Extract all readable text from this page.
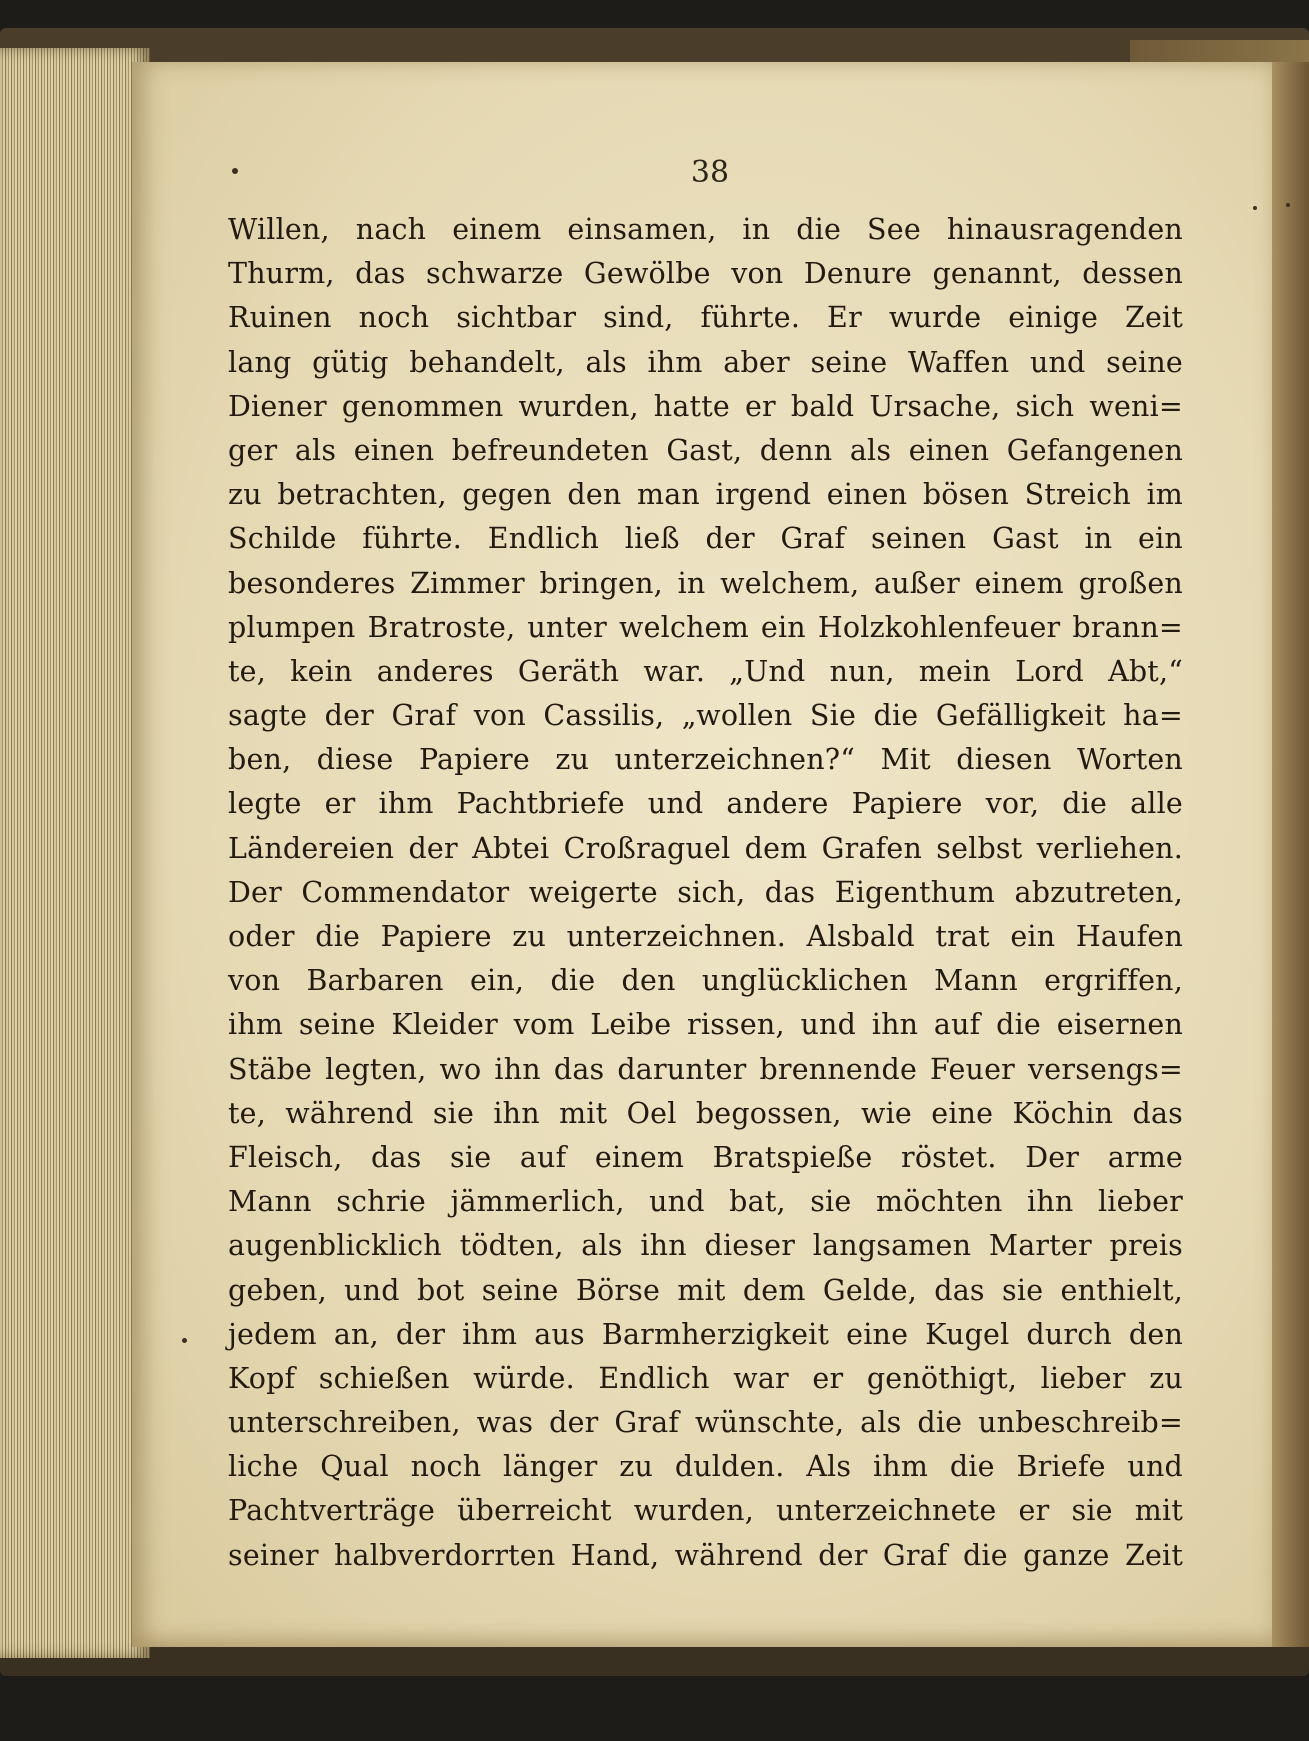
38
Willen, nach einem einsamen, in die See hinausragenden
Thurm, das schwarze Gewölbe von Denure genannt, dessen
Ruinen noch sichtbar sind, führte. Er wurde einige Zeit
lang gütig behandelt, als ihm aber seine Waffen und seine
Diener genommen wurden, hatte er bald Ursache, sich weni=
ger als einen befreundeten Gast, denn als einen Gefangenen
zu betrachten, gegen den man irgend einen bösen Streich im
Schilde führte. Endlich ließ der Graf seinen Gast in ein
besonderes Zimmer bringen, in welchem, außer einem großen
plumpen Bratroste, unter welchem ein Holzkohlenfeuer brann=
te, kein anderes Geräth war. „Und nun, mein Lord Abt,“
sagte der Graf von Cassilis, „wollen Sie die Gefälligkeit ha=
ben, diese Papiere zu unterzeichnen?“ Mit diesen Worten
legte er ihm Pachtbriefe und andere Papiere vor, die alle
Ländereien der Abtei Croßraguel dem Grafen selbst verliehen.
Der Commendator weigerte sich, das Eigenthum abzutreten,
oder die Papiere zu unterzeichnen. Alsbald trat ein Haufen
von Barbaren ein, die den unglücklichen Mann ergriffen,
ihm seine Kleider vom Leibe rissen, und ihn auf die eisernen
Stäbe legten, wo ihn das darunter brennende Feuer versengs=
te, während sie ihn mit Oel begossen, wie eine Köchin das
Fleisch, das sie auf einem Bratspieße röstet. Der arme
Mann schrie jämmerlich, und bat, sie möchten ihn lieber
augenblicklich tödten, als ihn dieser langsamen Marter preis
geben, und bot seine Börse mit dem Gelde, das sie enthielt,
jedem an, der ihm aus Barmherzigkeit eine Kugel durch den
Kopf schießen würde. Endlich war er genöthigt, lieber zu
unterschreiben, was der Graf wünschte, als die unbeschreib=
liche Qual noch länger zu dulden. Als ihm die Briefe und
Pachtverträge überreicht wurden, unterzeichnete er sie mit
seiner halbverdorrten Hand, während der Graf die ganze Zeit
